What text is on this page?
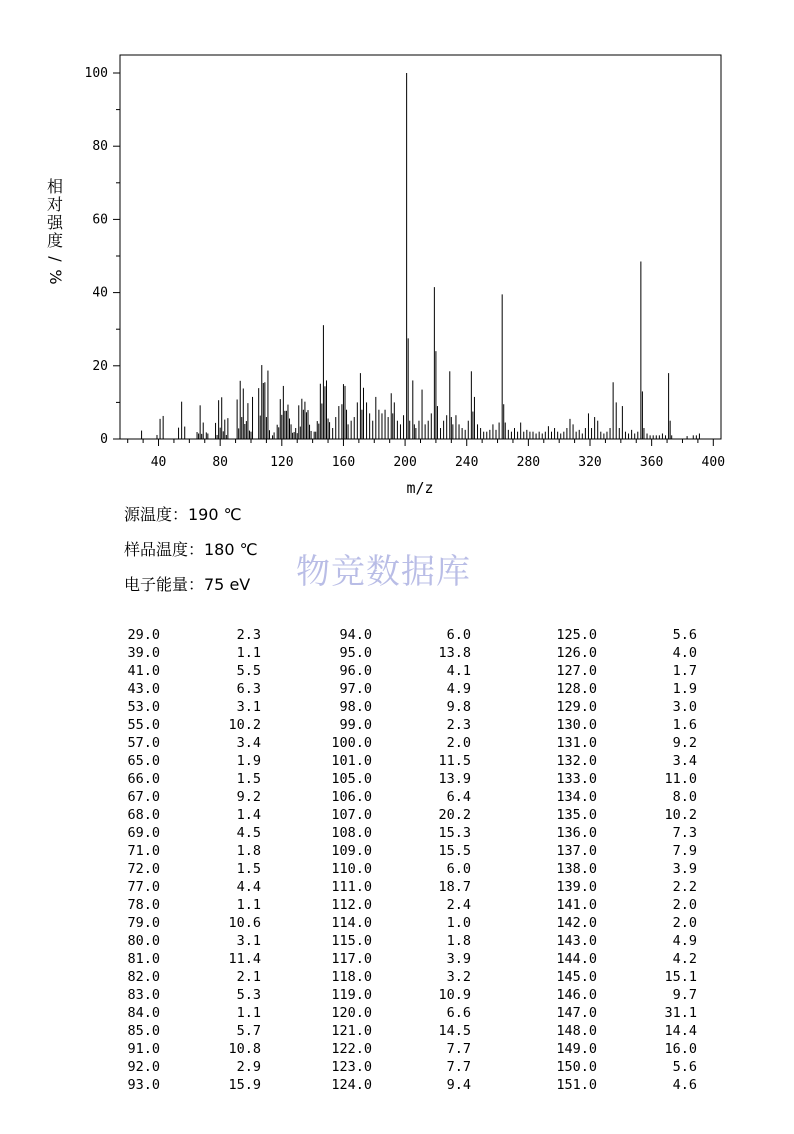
0
20
40
60
80
100
40	80	120	160	200	240	280	320	360	400
m/z
相
对
强
度
/
%
源温度：190 ℃
样品温度：180 ℃
电子能量：75 eV 物竞数据库
29.0	2.3	94.0	6.0	125.0	5.6
39.0	1.1	95.0	13.8	126.0	4.0
41.0	5.5	96.0	4.1	127.0	1.7
43.0	6.3	97.0	4.9	128.0	1.9
53.0	3.1	98.0	9.8	129.0	3.0
55.0	10.2	99.0	2.3	130.0	1.6
57.0	3.4	100.0	2.0	131.0	9.2
65.0	1.9	101.0	11.5	132.0	3.4
66.0	1.5	105.0	13.9	133.0	11.0
67.0	9.2	106.0	6.4	134.0	8.0
68.0	1.4	107.0	20.2	135.0	10.2
69.0	4.5	108.0	15.3	136.0	7.3
71.0	1.8	109.0	15.5	137.0	7.9
72.0	1.5	110.0	6.0	138.0	3.9
77.0	4.4	111.0	18.7	139.0	2.2
78.0	1.1	112.0	2.4	141.0	2.0
79.0	10.6	114.0	1.0	142.0	2.0
80.0	3.1	115.0	1.8	143.0	4.9
81.0	11.4	117.0	3.9	144.0	4.2
82.0	2.1	118.0	3.2	145.0	15.1
83.0	5.3	119.0	10.9	146.0	9.7
84.0	1.1	120.0	6.6	147.0	31.1
85.0	5.7	121.0	14.5	148.0	14.4
91.0	10.8	122.0	7.7	149.0	16.0
92.0	2.9	123.0	7.7	150.0	5.6
93.0	15.9	124.0	9.4	151.0	4.6
